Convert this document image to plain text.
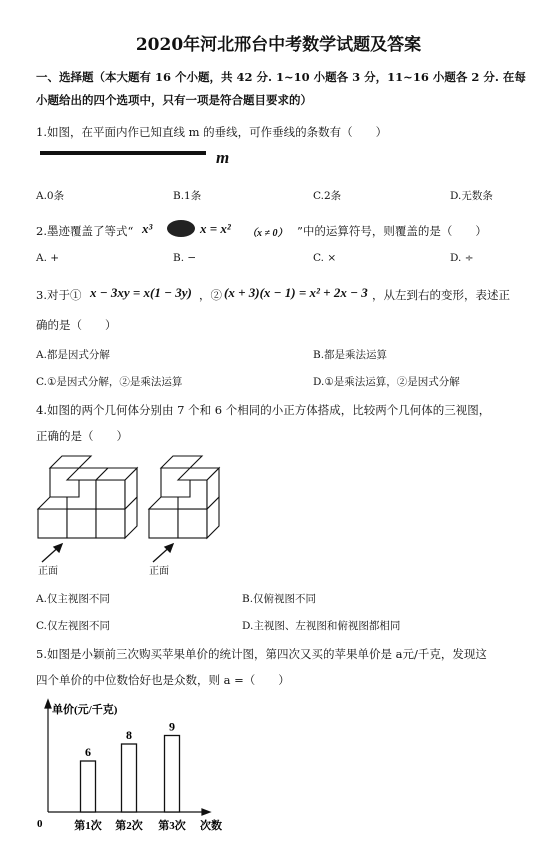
2020年河北邢台中考数学试题及答案
一、选择题（本大题有 16 个小题，共 42 分. 1~10 小题各 3 分，11~16 小题各 2 分. 在每小题给出的四个选项中，只有一项是符合题目要求的）
1.如图，在平面内作已知直线 m 的垂线，可作垂线的条数有（　　）
m
A.0条	B.1条	C.2条	D.无数条
2.墨迹覆盖了等式“ x³	x = x² （x ≠ 0） ”中的运算符号，则覆盖的是（　　）
A. +	B. −	C. ×	D. ÷
3.对于① x − 3xy = x(1 − 3y) ，② (x + 3)(x − 1) = x² + 2x − 3 ，从左到右的变形，表述正
确的是（　　）
A.都是因式分解	B.都是乘法运算
C.①是因式分解，②是乘法运算	D.①是乘法运算，②是因式分解
4.如图的两个几何体分别由 7 个和 6 个相同的小正方体搭成，比较两个几何体的三视图，
正确的是（　　）
正面	正面
A.仅主视图不同	B.仅俯视图不同
C.仅左视图不同	D.主视图、左视图和俯视图都相同
5.如图是小颖前三次购买苹果单价的统计图，第四次又买的苹果单价是 a元/千克，发现这
四个单价的中位数恰好也是众数，则 a =（　　）
单价(元/千克)
0	次数
6
第1次
8
第2次
9
第3次
